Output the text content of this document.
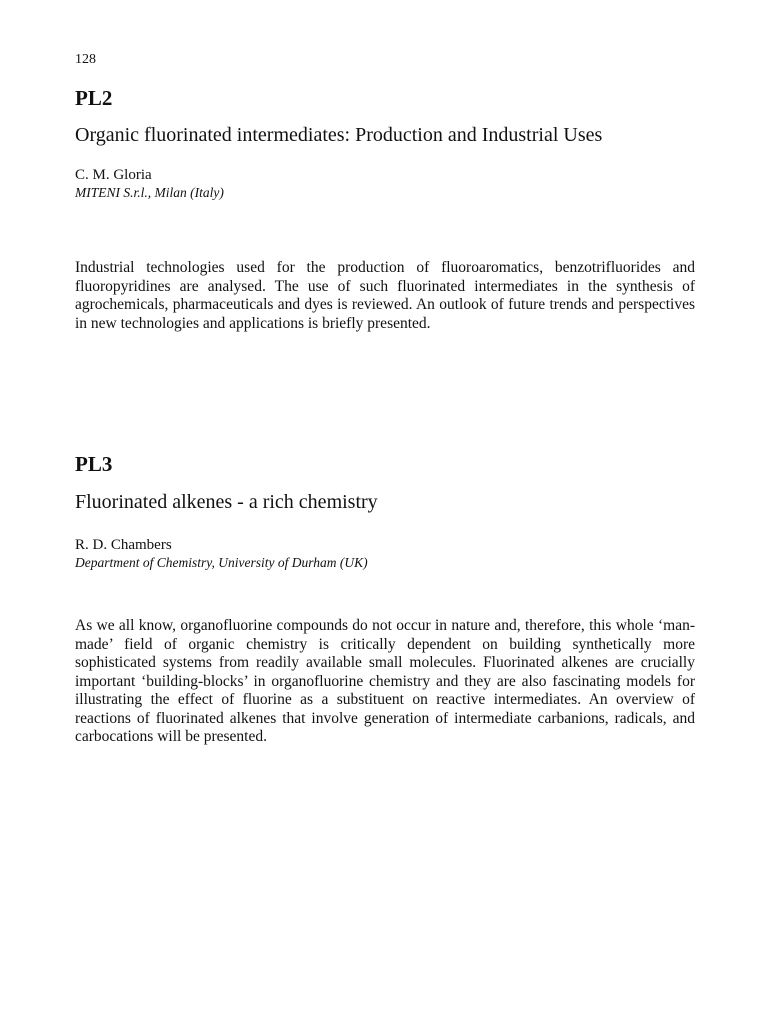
128
PL2
Organic fluorinated intermediates: Production and Industrial Uses
C. M. Gloria
MITENI S.r.l., Milan (Italy)

Industrial technologies used for the production of fluoroaromatics, benzotrifluorides and fluoropyridines are analysed. The use of such fluorinated intermediates in the synthesis of agrochemicals, pharmaceuticals and dyes is reviewed. An outlook of future trends and perspectives in new technologies and applications is briefly presented.

PL3
Fluorinated alkenes - a rich chemistry
R. D. Chambers
Department of Chemistry, University of Durham (UK)

As we all know, organofluorine compounds do not occur in nature and, therefore, this whole ‘man-made’ field of organic chemistry is critically dependent on building synthetically more sophisticated systems from readily available small molecules. Fluorinated alkenes are crucially important ‘building-blocks’ in organofluorine chemistry and they are also fascinating models for illustrating the effect of fluorine as a substituent on reactive intermediates. An overview of reactions of fluorinated alkenes that involve generation of intermediate carbanions, radicals, and carbocations will be presented.
